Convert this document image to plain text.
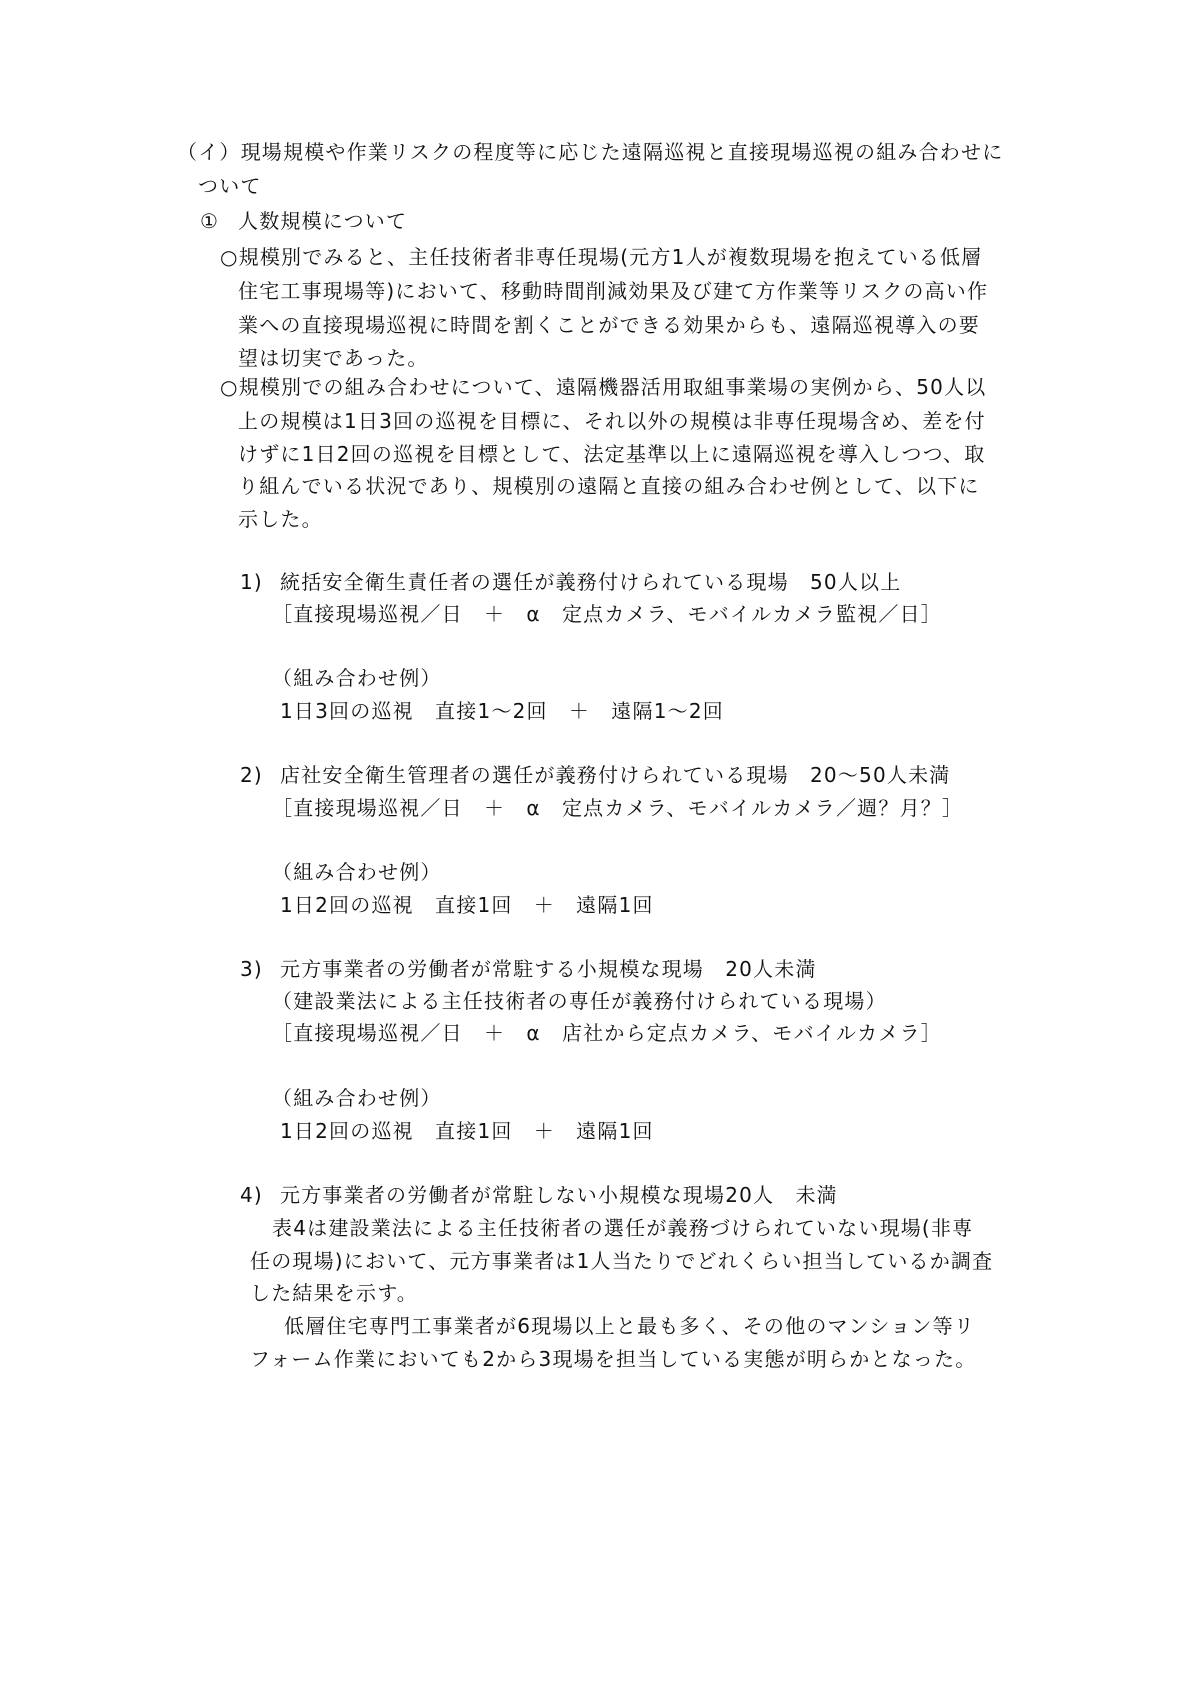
（イ）現場規模や作業リスクの程度等に応じた遠隔巡視と直接現場巡視の組み合わせに
ついて
① 人数規模について
○規模別でみると、主任技術者非専任現場(元方1人が複数現場を抱えている低層
住宅工事現場等)において、移動時間削減効果及び建て方作業等リスクの高い作
業への直接現場巡視に時間を割くことができる効果からも、遠隔巡視導入の要
望は切実であった。
○規模別での組み合わせについて、遠隔機器活用取組事業場の実例から、50人以
上の規模は1日3回の巡視を目標に、それ以外の規模は非専任現場含め、差を付
けずに1日2回の巡視を目標として、法定基準以上に遠隔巡視を導入しつつ、取
り組んでいる状況であり、規模別の遠隔と直接の組み合わせ例として、以下に
示した。
1) 統括安全衛生責任者の選任が義務付けられている現場　50人以上
［直接現場巡視／日　＋　α　定点カメラ、モバイルカメラ監視／日］
（組み合わせ例）
1日3回の巡視　直接1～2回　＋　遠隔1～2回
2) 店社安全衛生管理者の選任が義務付けられている現場　20～50人未満
［直接現場巡視／日　＋　α　定点カメラ、モバイルカメラ／週？月？］
（組み合わせ例）
1日2回の巡視　直接1回　＋　遠隔1回
3) 元方事業者の労働者が常駐する小規模な現場　20人未満
（建設業法による主任技術者の専任が義務付けられている現場）
［直接現場巡視／日　＋　α　店社から定点カメラ、モバイルカメラ］
（組み合わせ例）
1日2回の巡視　直接1回　＋　遠隔1回
4) 元方事業者の労働者が常駐しない小規模な現場20人　未満
表4は建設業法による主任技術者の選任が義務づけられていない現場(非専
任の現場)において、元方事業者は1人当たりでどれくらい担当しているか調査
した結果を示す。
低層住宅専門工事業者が6現場以上と最も多く、その他のマンション等リ
フォーム作業においても2から3現場を担当している実態が明らかとなった。
